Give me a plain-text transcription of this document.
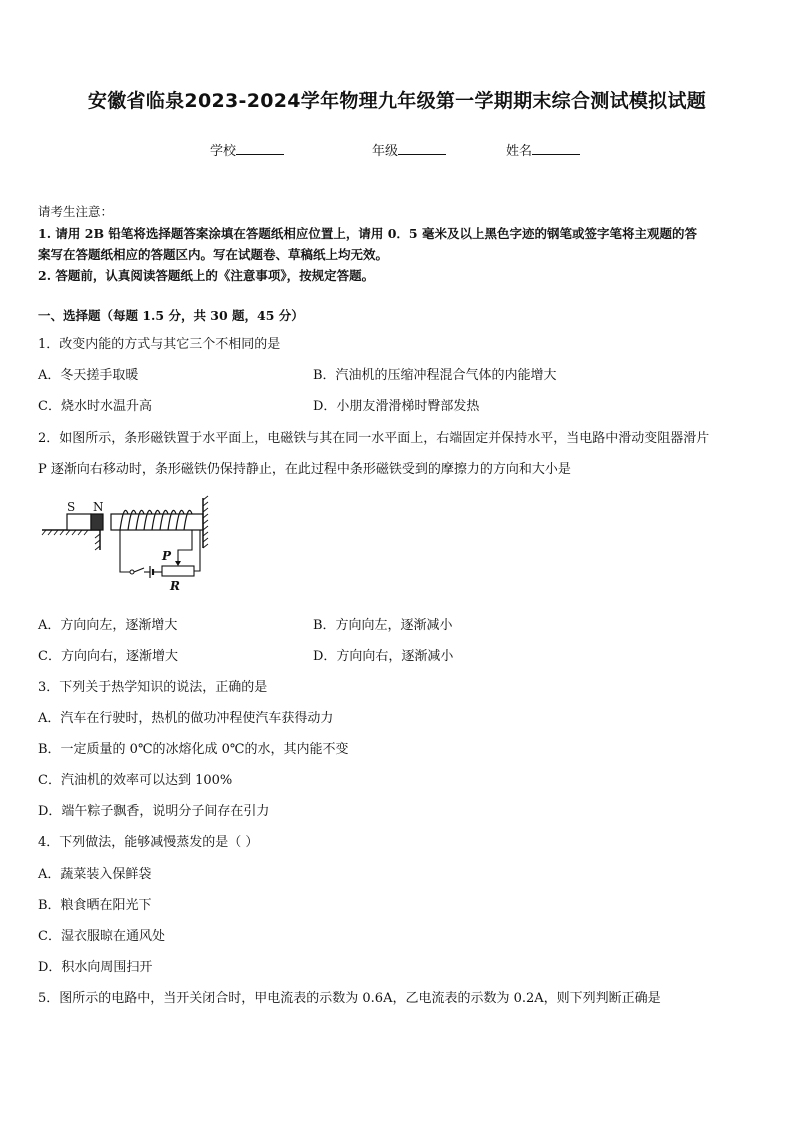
安徽省临泉2023-2024学年物理九年级第一学期期末综合测试模拟试题
学校	年级	姓名
请考生注意：
1. 请用 2B 铅笔将选择题答案涂填在答题纸相应位置上，请用 0．5 毫米及以上黑色字迹的钢笔或签字笔将主观题的答
案写在答题纸相应的答题区内。写在试题卷、草稿纸上均无效。
2. 答题前，认真阅读答题纸上的《注意事项》，按规定答题。
一、选择题（每题 1.5 分，共 30 题，45 分）
1．改变内能的方式与其它三个不相同的是
A．冬天搓手取暖	B．汽油机的压缩冲程混合气体的内能增大
C．烧水时水温升高	D．小朋友滑滑梯时臀部发热
2．如图所示，条形磁铁置于水平面上，电磁铁与其在同一水平面上，右端固定并保持水平，当电路中滑动变阻器滑片
P 逐渐向右移动时，条形磁铁仍保持静止，在此过程中条形磁铁受到的摩擦力的方向和大小是
S N
P
R
A．方向向左，逐渐增大	B．方向向左，逐渐减小
C．方向向右，逐渐增大	D．方向向右，逐渐减小
3．下列关于热学知识的说法，正确的是
A．汽车在行驶时，热机的做功冲程使汽车获得动力
B．一定质量的 0℃的冰熔化成 0℃的水，其内能不变
C．汽油机的效率可以达到 100%
D．端午粽子飘香，说明分子间存在引力
4．下列做法，能够减慢蒸发的是（ ）
A．蔬菜装入保鲜袋
B．粮食晒在阳光下
C．湿衣服晾在通风处
D．积水向周围扫开
5．图所示的电路中，当开关闭合时，甲电流表的示数为 0.6A，乙电流表的示数为 0.2A，则下列判断正确是
